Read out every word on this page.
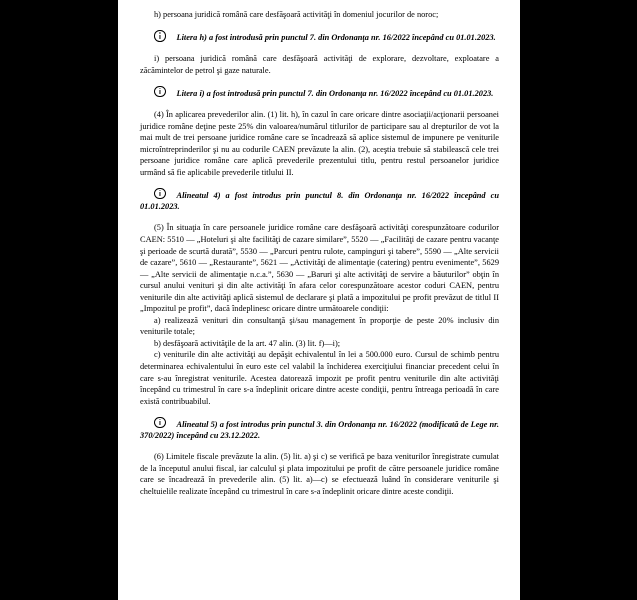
h) persoana juridică română care desfăşoară activităţi în domeniul jocurilor de noroc;

Litera h) a fost introdusă prin punctul 7. din Ordonanţa nr. 16/2022 începând cu 01.01.2023.

i) persoana juridică română care desfăşoară activităţi de explorare, dezvoltare, exploatare a zăcămintelor de petrol şi gaze naturale.

Litera i) a fost introdusă prin punctul 7. din Ordonanţa nr. 16/2022 începând cu 01.01.2023.

(4) În aplicarea prevederilor alin. (1) lit. h), în cazul în care oricare dintre asociaţii/acţionarii persoanei juridice române deţine peste 25% din valoarea/numărul titlurilor de participare sau al drepturilor de vot la mai mult de trei persoane juridice române care se încadrează să aplice sistemul de impunere pe veniturile microîntreprinderilor şi nu au codurile CAEN prevăzute la alin. (2), aceştia trebuie să stabilească cele trei persoane juridice române care aplică prevederile prezentului titlu, pentru restul persoanelor juridice urmând să fie aplicabile prevederile titlului II.

Alineatul 4) a fost introdus prin punctul 8. din Ordonanţa nr. 16/2022 începând cu 01.01.2023.

(5) În situaţia în care persoanele juridice române care desfăşoară activităţi corespunzătoare codurilor CAEN: 5510 — „Hoteluri şi alte facilităţi de cazare similare”, 5520 — „Facilităţi de cazare pentru vacanţe şi perioade de scurtă durată”, 5530 — „Parcuri pentru rulote, campinguri şi tabere”, 5590 — „Alte servicii de cazare”, 5610 — „Restaurante”, 5621 — „Activităţi de alimentaţie (catering) pentru evenimente”, 5629 — „Alte servicii de alimentaţie n.c.a.”, 5630 — „Baruri şi alte activităţi de servire a băuturilor” obţin în cursul anului venituri şi din alte activităţi în afara celor corespunzătoare acestor coduri CAEN, pentru veniturile din alte activităţi aplică sistemul de declarare şi plată a impozitului pe profit prevăzut de titlul II „Impozitul pe profit”, dacă îndeplinesc oricare dintre următoarele condiţii:

a) realizează venituri din consultanţă şi/sau management în proporţie de peste 20% inclusiv din veniturile totale;

b) desfăşoară activităţile de la art. 47 alin. (3) lit. f)—i);

c) veniturile din alte activităţi au depăşit echivalentul în lei a 500.000 euro. Cursul de schimb pentru determinarea echivalentului în euro este cel valabil la închiderea exerciţiului financiar precedent celui în care s-au înregistrat veniturile. Acestea datorează impozit pe profit pentru veniturile din alte activităţi începând cu trimestrul în care s-a îndeplinit oricare dintre aceste condiţii, pentru întreaga perioadă în care există contribuabilul.

Alineatul 5) a fost introdus prin punctul 3. din Ordonanţa nr. 16/2022 (modificată de Lege nr. 370/2022) începând cu 23.12.2022.

(6) Limitele fiscale prevăzute la alin. (5) lit. a) şi c) se verifică pe baza veniturilor înregistrate cumulat de la începutul anului fiscal, iar calculul şi plata impozitului pe profit de către persoanele juridice române care se încadrează în prevederile alin. (5) lit. a)—c) se efectuează luând în considerare veniturile şi cheltuielile realizate începând cu trimestrul în care s-a îndeplinit oricare dintre aceste condiţii.
